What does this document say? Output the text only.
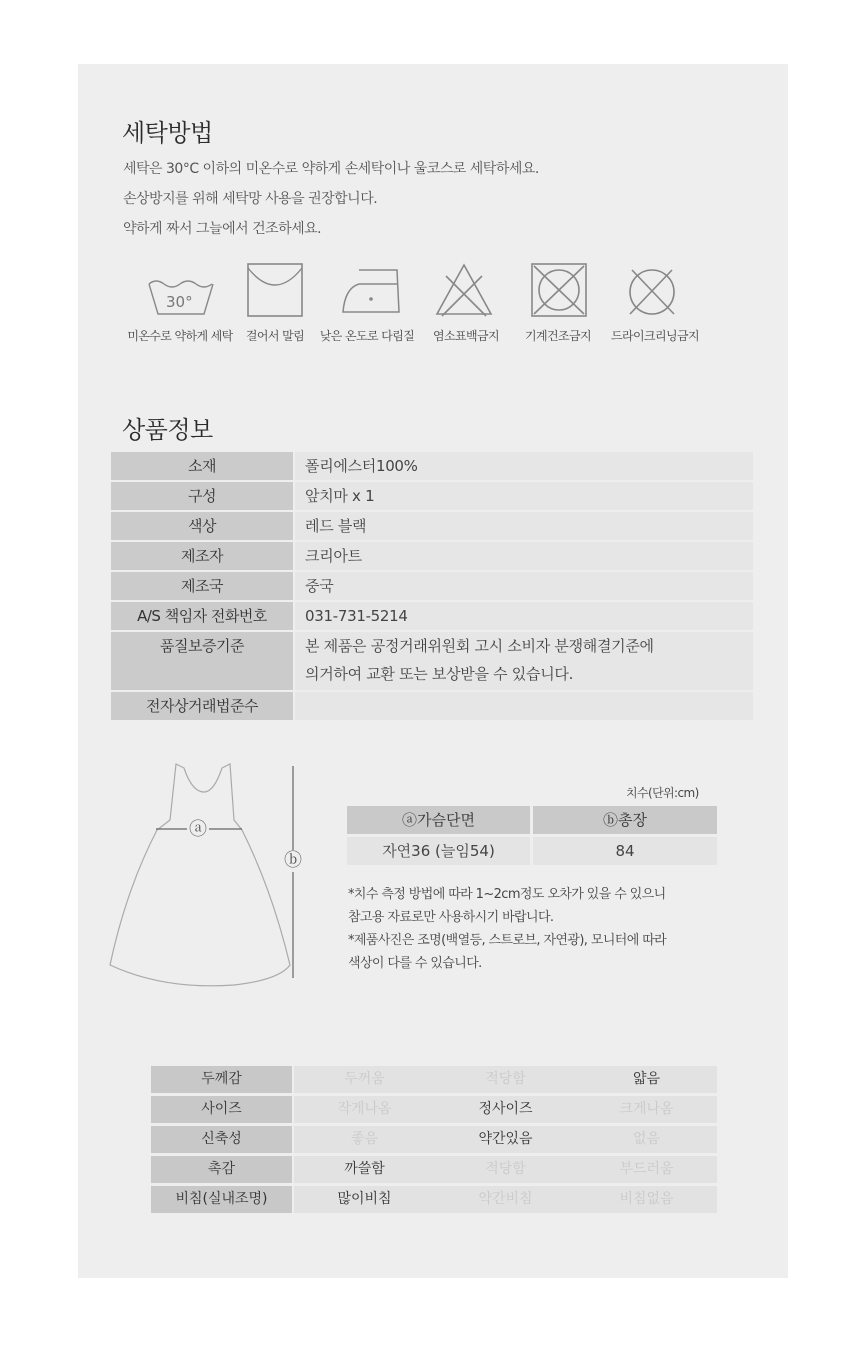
세탁방법
세탁은 30°C 이하의 미온수로 약하게 손세탁이나 울코스로 세탁하세요.
손상방지를 위해 세탁망 사용을 권장합니다.
약하게 짜서 그늘에서 건조하세요.
30°
미온수로 약하게 세탁	걸어서 말림	낮은 온도로 다림질	염소표백금지	기계건조금지	드라이크리닝금지
상품정보
소재	폴리에스터100%
구성	앞치마 x 1
색상	레드 블랙
제조자	크리아트
제조국	중국
A/S 책임자 전화번호	031-731-5214
품질보증기준	본 제품은 공정거래위원회 고시 소비자 분쟁해결기준에
의거하여 교환 또는 보상받을 수 있습니다.
전자상거래법준수
ⓐ
ⓑ
치수(단위:cm)
ⓐ가슴단면	ⓑ총장
자연36 (늘임54)	84
*치수 측정 방법에 따라 1~2cm정도 오차가 있을 수 있으니
참고용 자료로만 사용하시기 바랍니다.
*제품사진은 조명(백열등, 스트로브, 자연광), 모니터에 따라
색상이 다를 수 있습니다.
두께감	두꺼움	적당함	얇음
사이즈	작게나옴	정사이즈	크게나옴
신축성	좋음	약간있음	없음
촉감	까쓸함	적당함	부드러움
비침(실내조명)	많이비침	약간비침	비침없음
